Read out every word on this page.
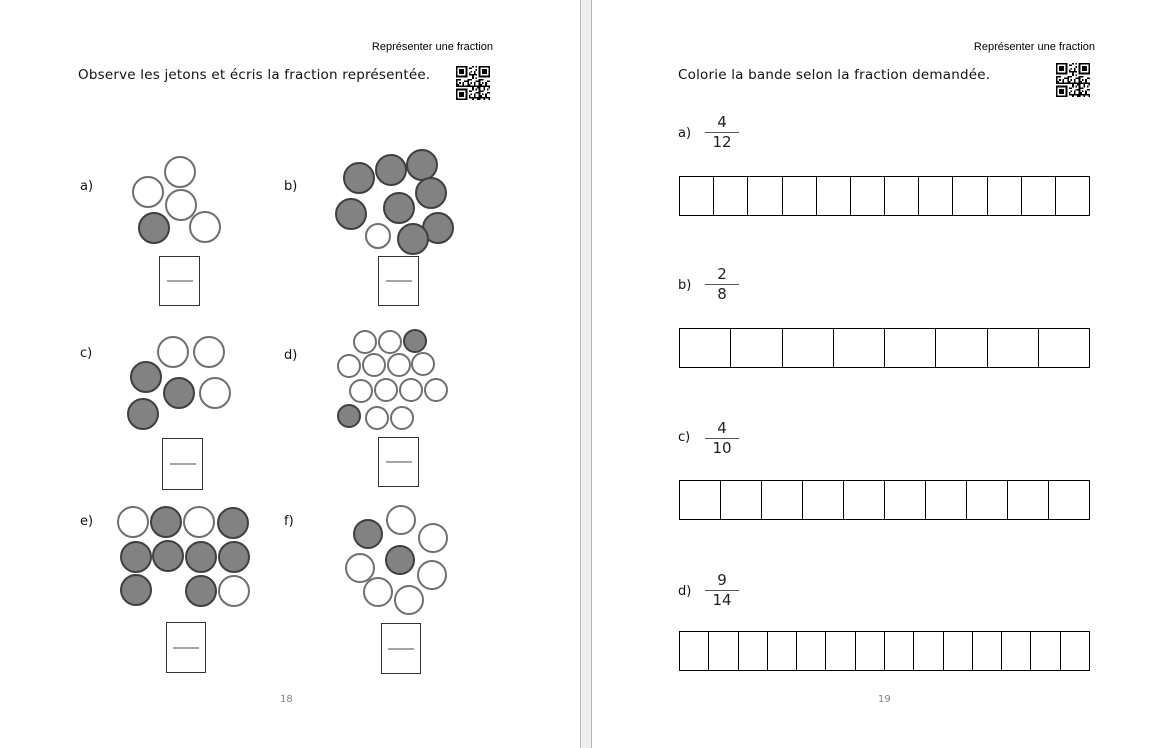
Représenter une fraction
Observe les jetons et écris la fraction représentée.
a)	b)
c)	d)
e)	f)
18
Représenter une fraction
Colorie la bande selon la fraction demandée.
a)
4
12
b)
2
8
c)
4
10
d)
9
14
19
